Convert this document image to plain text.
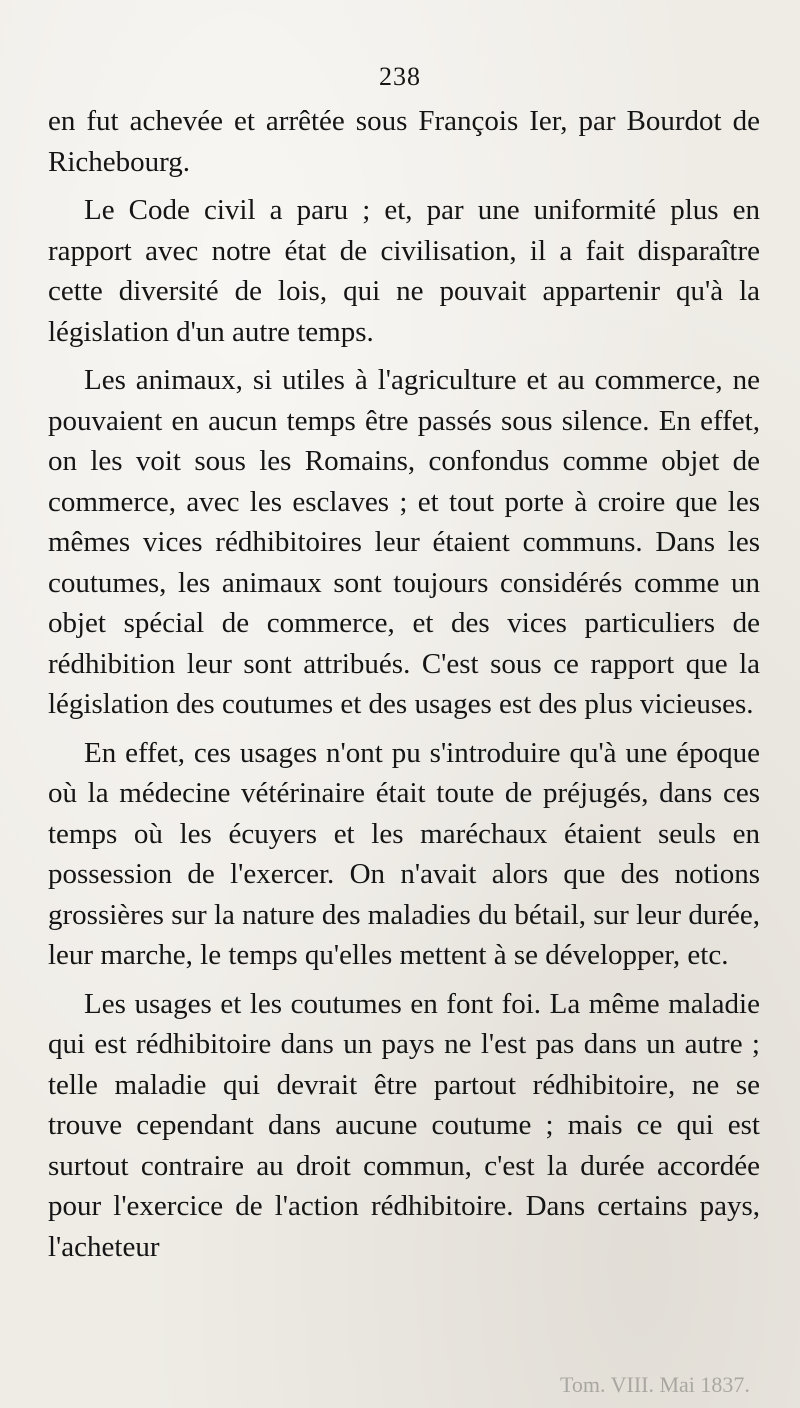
238

en fut achevée et arrêtée sous François Ier, par Bourdot de Richebourg.

Le Code civil a paru ; et, par une uniformité plus en rapport avec notre état de civilisation, il a fait disparaître cette diversité de lois, qui ne pouvait appartenir qu'à la législation d'un autre temps.

Les animaux, si utiles à l'agriculture et au commerce, ne pouvaient en aucun temps être passés sous silence. En effet, on les voit sous les Romains, confondus comme objet de commerce, avec les esclaves ; et tout porte à croire que les mêmes vices rédhibitoires leur étaient communs. Dans les coutumes, les animaux sont toujours considérés comme un objet spécial de commerce, et des vices particuliers de rédhibition leur sont attribués. C'est sous ce rapport que la législation des coutumes et des usages est des plus vicieuses.

En effet, ces usages n'ont pu s'introduire qu'à une époque où la médecine vétérinaire était toute de préjugés, dans ces temps où les écuyers et les maréchaux étaient seuls en possession de l'exercer. On n'avait alors que des notions grossières sur la nature des maladies du bétail, sur leur durée, leur marche, le temps qu'elles mettent à se développer, etc.

Les usages et les coutumes en font foi. La même maladie qui est rédhibitoire dans un pays ne l'est pas dans un autre ; telle maladie qui devrait être partout rédhibitoire, ne se trouve cependant dans aucune coutume ; mais ce qui est surtout contraire au droit commun, c'est la durée accordée pour l'exercice de l'action rédhibitoire. Dans certains pays, l'acheteur

Tom. VIII. Mai 1837.
